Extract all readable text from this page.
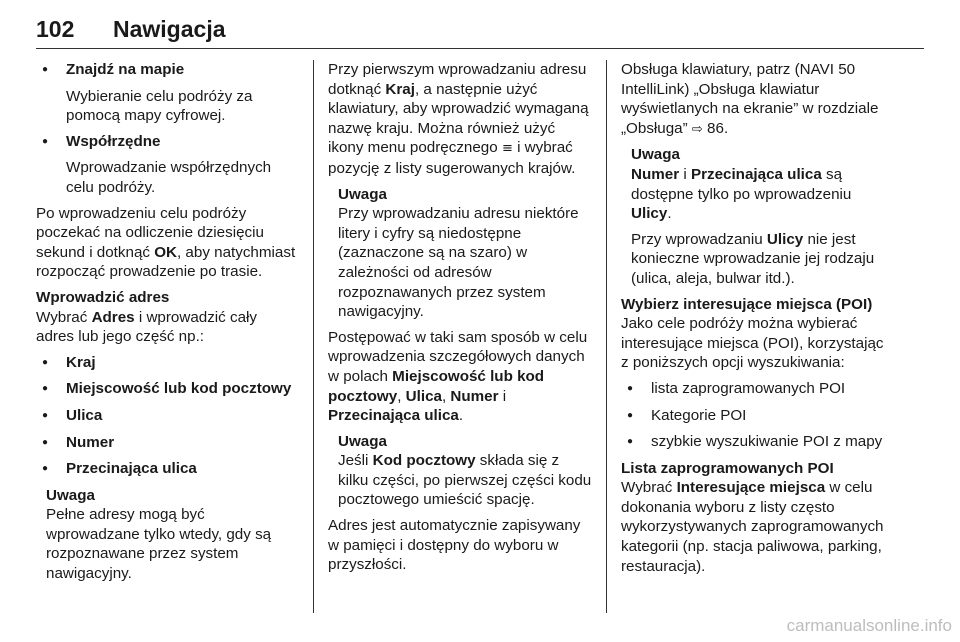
102 Nawigacja
● Znajdź na mapie
Wybieranie celu podróży za pomocą mapy cyfrowej.
● Współrzędne
Wprowadzanie współrzędnych celu podróży.

Po wprowadzeniu celu podróży poczekać na odliczenie dziesięciu sekund i dotknąć OK, aby natychmiast rozpocząć prowadzenie po trasie.

Wprowadzić adres

Wybrać Adres i wprowadzić cały adres lub jego część np.:

● Kraj
● Miejscowość lub kod pocztowy
● Ulica
● Numer
● Przecinająca ulica
Uwaga

Pełne adresy mogą być wprowadzane tylko wtedy, gdy są rozpoznawane przez system nawigacyjny.

Przy pierwszym wprowadzaniu adresu dotknąć Kraj, a następnie użyć klawiatury, aby wprowadzić wymaganą nazwę kraju. Można również użyć ikony menu podręcznego ≡ i wybrać pozycję z listy sugerowanych krajów.

Uwaga

Przy wprowadzaniu adresu niektóre litery i cyfry są niedostępne (zaznaczone są na szaro) w zależności od adresów rozpoznawanych przez system nawigacyjny.

Postępować w taki sam sposób w celu wprowadzenia szczegółowych danych w polach Miejscowość lub kod pocztowy, Ulica, Numer i Przecinająca ulica.

Uwaga

Jeśli Kod pocztowy składa się z kilku części, po pierwszej części kodu pocztowego umieścić spację.

Adres jest automatycznie zapisywany w pamięci i dostępny do wyboru w przyszłości.

Obsługa klawiatury, patrz (NAVI 50 IntelliLink) „Obsługa klawiatur wyświetlanych na ekranie” w rozdziale „Obsługa” ⇨ 86.

Uwaga

Numer i Przecinająca ulica są dostępne tylko po wprowadzeniu Ulicy.

Przy wprowadzaniu Ulicy nie jest konieczne wprowadzanie jej rodzaju (ulica, aleja, bulwar itd.).

Wybierz interesujące miejsca (POI)

Jako cele podróży można wybierać interesujące miejsca (POI), korzystając z poniższych opcji wyszukiwania:

● lista zaprogramowanych POI
● Kategorie POI
● szybkie wyszukiwanie POI z mapy
Lista zaprogramowanych POI

Wybrać Interesujące miejsca w celu dokonania wyboru z listy często wykorzystywanych zaprogramowanych kategorii (np. stacja paliwowa, parking, restauracja).

carmanualsonline.info
